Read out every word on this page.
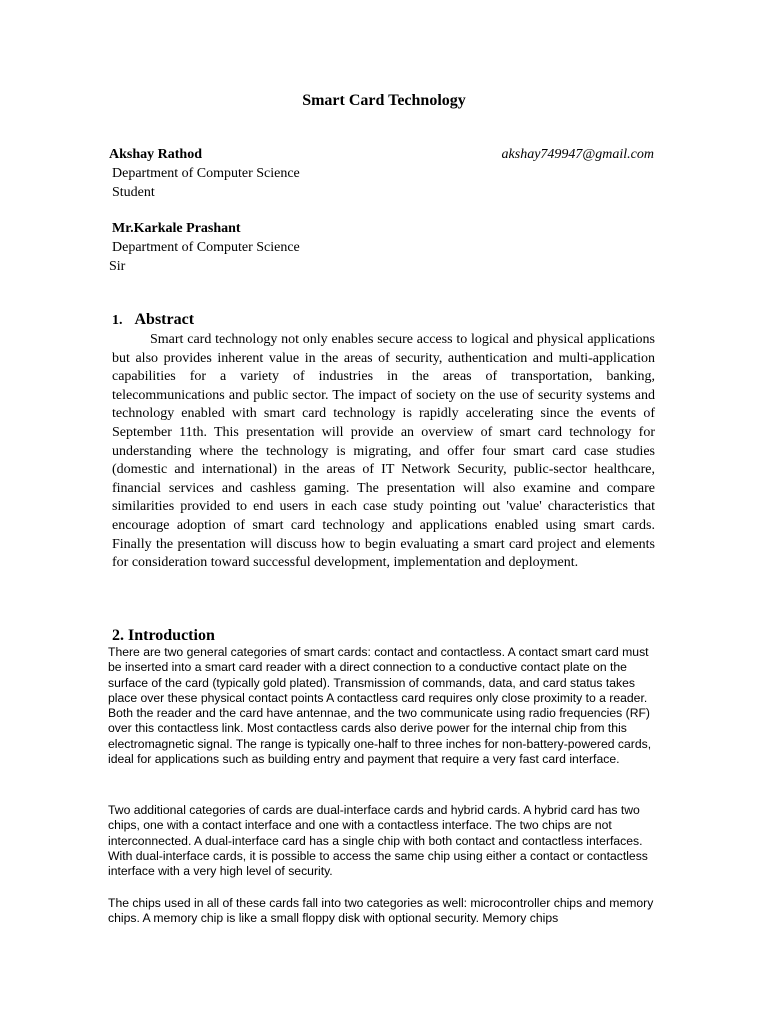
Smart Card Technology
Akshay Rathod	akshay749947@gmail.com
Department of Computer Science
Student
Mr.Karkale Prashant
Department of Computer Science
Sir
1. Abstract

Smart card technology not only enables secure access to logical and physical applications but also provides inherent value in the areas of security, authentication and multi-application capabilities for a variety of industries in the areas of transportation, banking, telecommunications and public sector. The impact of society on the use of security systems and technology enabled with smart card technology is rapidly accelerating since the events of September 11th. This presentation will provide an overview of smart card technology for understanding where the technology is migrating, and offer four smart card case studies (domestic and international) in the areas of IT Network Security, public-sector healthcare, financial services and cashless gaming. The presentation will also examine and compare similarities provided to end users in each case study pointing out 'value' characteristics that encourage adoption of smart card technology and applications enabled using smart cards. Finally the presentation will discuss how to begin evaluating a smart card project and elements for consideration toward successful development, implementation and deployment.

2. Introduction

There are two general categories of smart cards: contact and contactless. A contact smart card must be inserted into a smart card reader with a direct connection to a conductive contact plate on the surface of the card (typically gold plated). Transmission of commands, data, and card status takes place over these physical contact points A contactless card requires only close proximity to a reader. Both the reader and the card have antennae, and the two communicate using radio frequencies (RF) over this contactless link. Most contactless cards also derive power for the internal chip from this electromagnetic signal. The range is typically one-half to three inches for non-battery-powered cards, ideal for applications such as building entry and payment that require a very fast card interface.

Two additional categories of cards are dual-interface cards and hybrid cards. A hybrid card has two chips, one with a contact interface and one with a contactless interface. The two chips are not interconnected. A dual-interface card has a single chip with both contact and contactless interfaces. With dual-interface cards, it is possible to access the same chip using either a contact or contactless interface with a very high level of security.

The chips used in all of these cards fall into two categories as well: microcontroller chips and memory chips. A memory chip is like a small floppy disk with optional security. Memory chips
